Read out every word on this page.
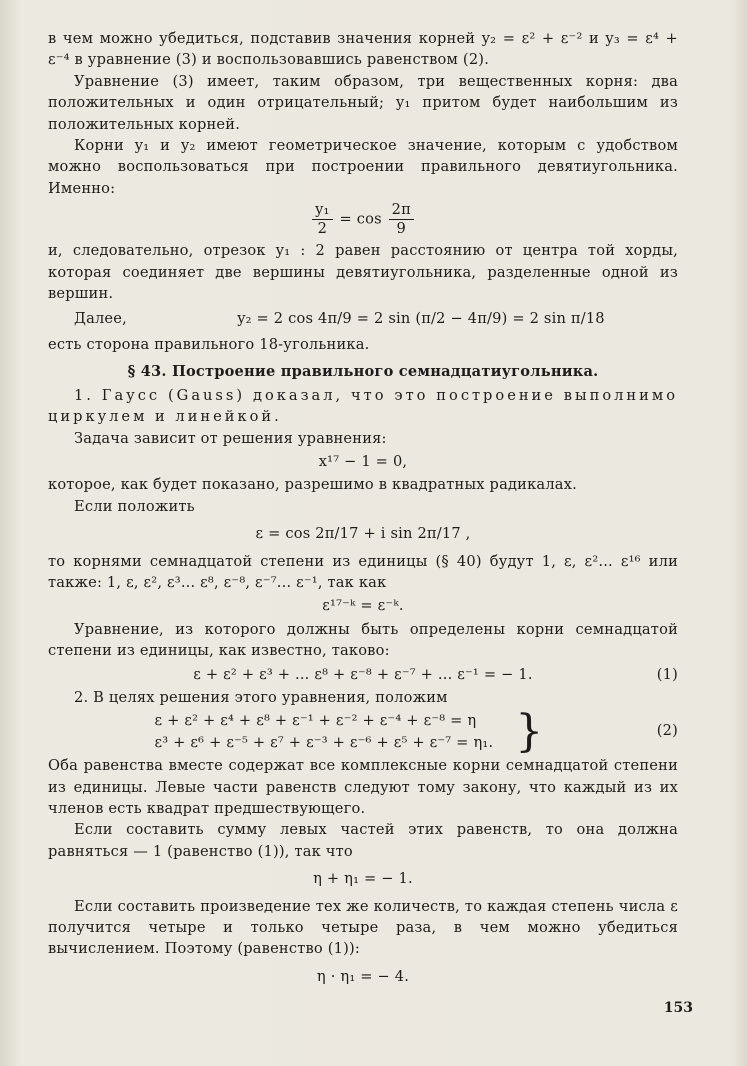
в чем можно убедиться, подставив значения корней y₂ = ε² + ε⁻² и y₃ = ε⁴ + ε⁻⁴ в уравнение (3) и воспользовавшись равенством (2).

Уравнение (3) имеет, таким образом, три вещественных корня: два положительных и один отрицательный; y₁ притом будет наибольшим из положительных корней.

Корни y₁ и y₂ имеют геометрическое значение, которым с удобством можно воспользоваться при построении правильного девятиугольника. Именно:

$\frac{\text{y₁}}{2} = \cos \frac{2\pi}{9}$

и, следовательно, отрезок y₁ : 2 равен расстоянию от центра той хорды, которая соединяет две вершины девятиугольника, разделенные одной из вершин.

Далее,	y₂ = 2 cos 4π/9 = 2 sin (π/2 − 4π/9) = 2 sin π/18

есть сторона правильного 18-угольника.

§ 43. Построение правильного семнадцатиугольника.

1. Гаусс (Gauss) доказал, что это построение выполнимо циркулем и линейкой.

Задача зависит от решения уравнения:

x¹⁷ − 1 = 0,

которое, как будет показано, разрешимо в квадратных радикалах.

Если положить

ε = cos 2π/17 + i sin 2π/17 ,

то корнями семнадцатой степени из единицы (§ 40) будут 1, ε, ε²... ε¹⁶ или также: 1, ε, ε², ε³... ε⁸, ε⁻⁸, ε⁻⁷... ε⁻¹, так как

ε¹⁷⁻ᵏ = ε⁻ᵏ.

Уравнение, из которого должны быть определены корни семнадцатой степени из единицы, как известно, таково:

ε + ε² + ε³ + ... ε⁸ + ε⁻⁸ + ε⁻⁷ + ... ε⁻¹ = − 1.	(1)

2. В целях решения этого уравнения, положим

ε + ε² + ε⁴ + ε⁸ + ε⁻¹ + ε⁻² + ε⁻⁴ + ε⁻⁸ = η
ε³ + ε⁶ + ε⁻⁵ + ε⁷ + ε⁻³ + ε⁻⁶ + ε⁵ + ε⁻⁷ = η₁. }	(2)

Оба равенства вместе содержат все комплексные корни семнадцатой степени из единицы. Левые части равенств следуют тому закону, что каждый из их членов есть квадрат предшествующего.

Если составить сумму левых частей этих равенств, то она должна равняться — 1 (равенство (1)), так что

η + η₁ = − 1.

Если составить произведение тех же количеств, то каждая степень числа ε получится четыре и только четыре раза, в чем можно убедиться вычислением. Поэтому (равенство (1)):

η · η₁ = − 4.
153
